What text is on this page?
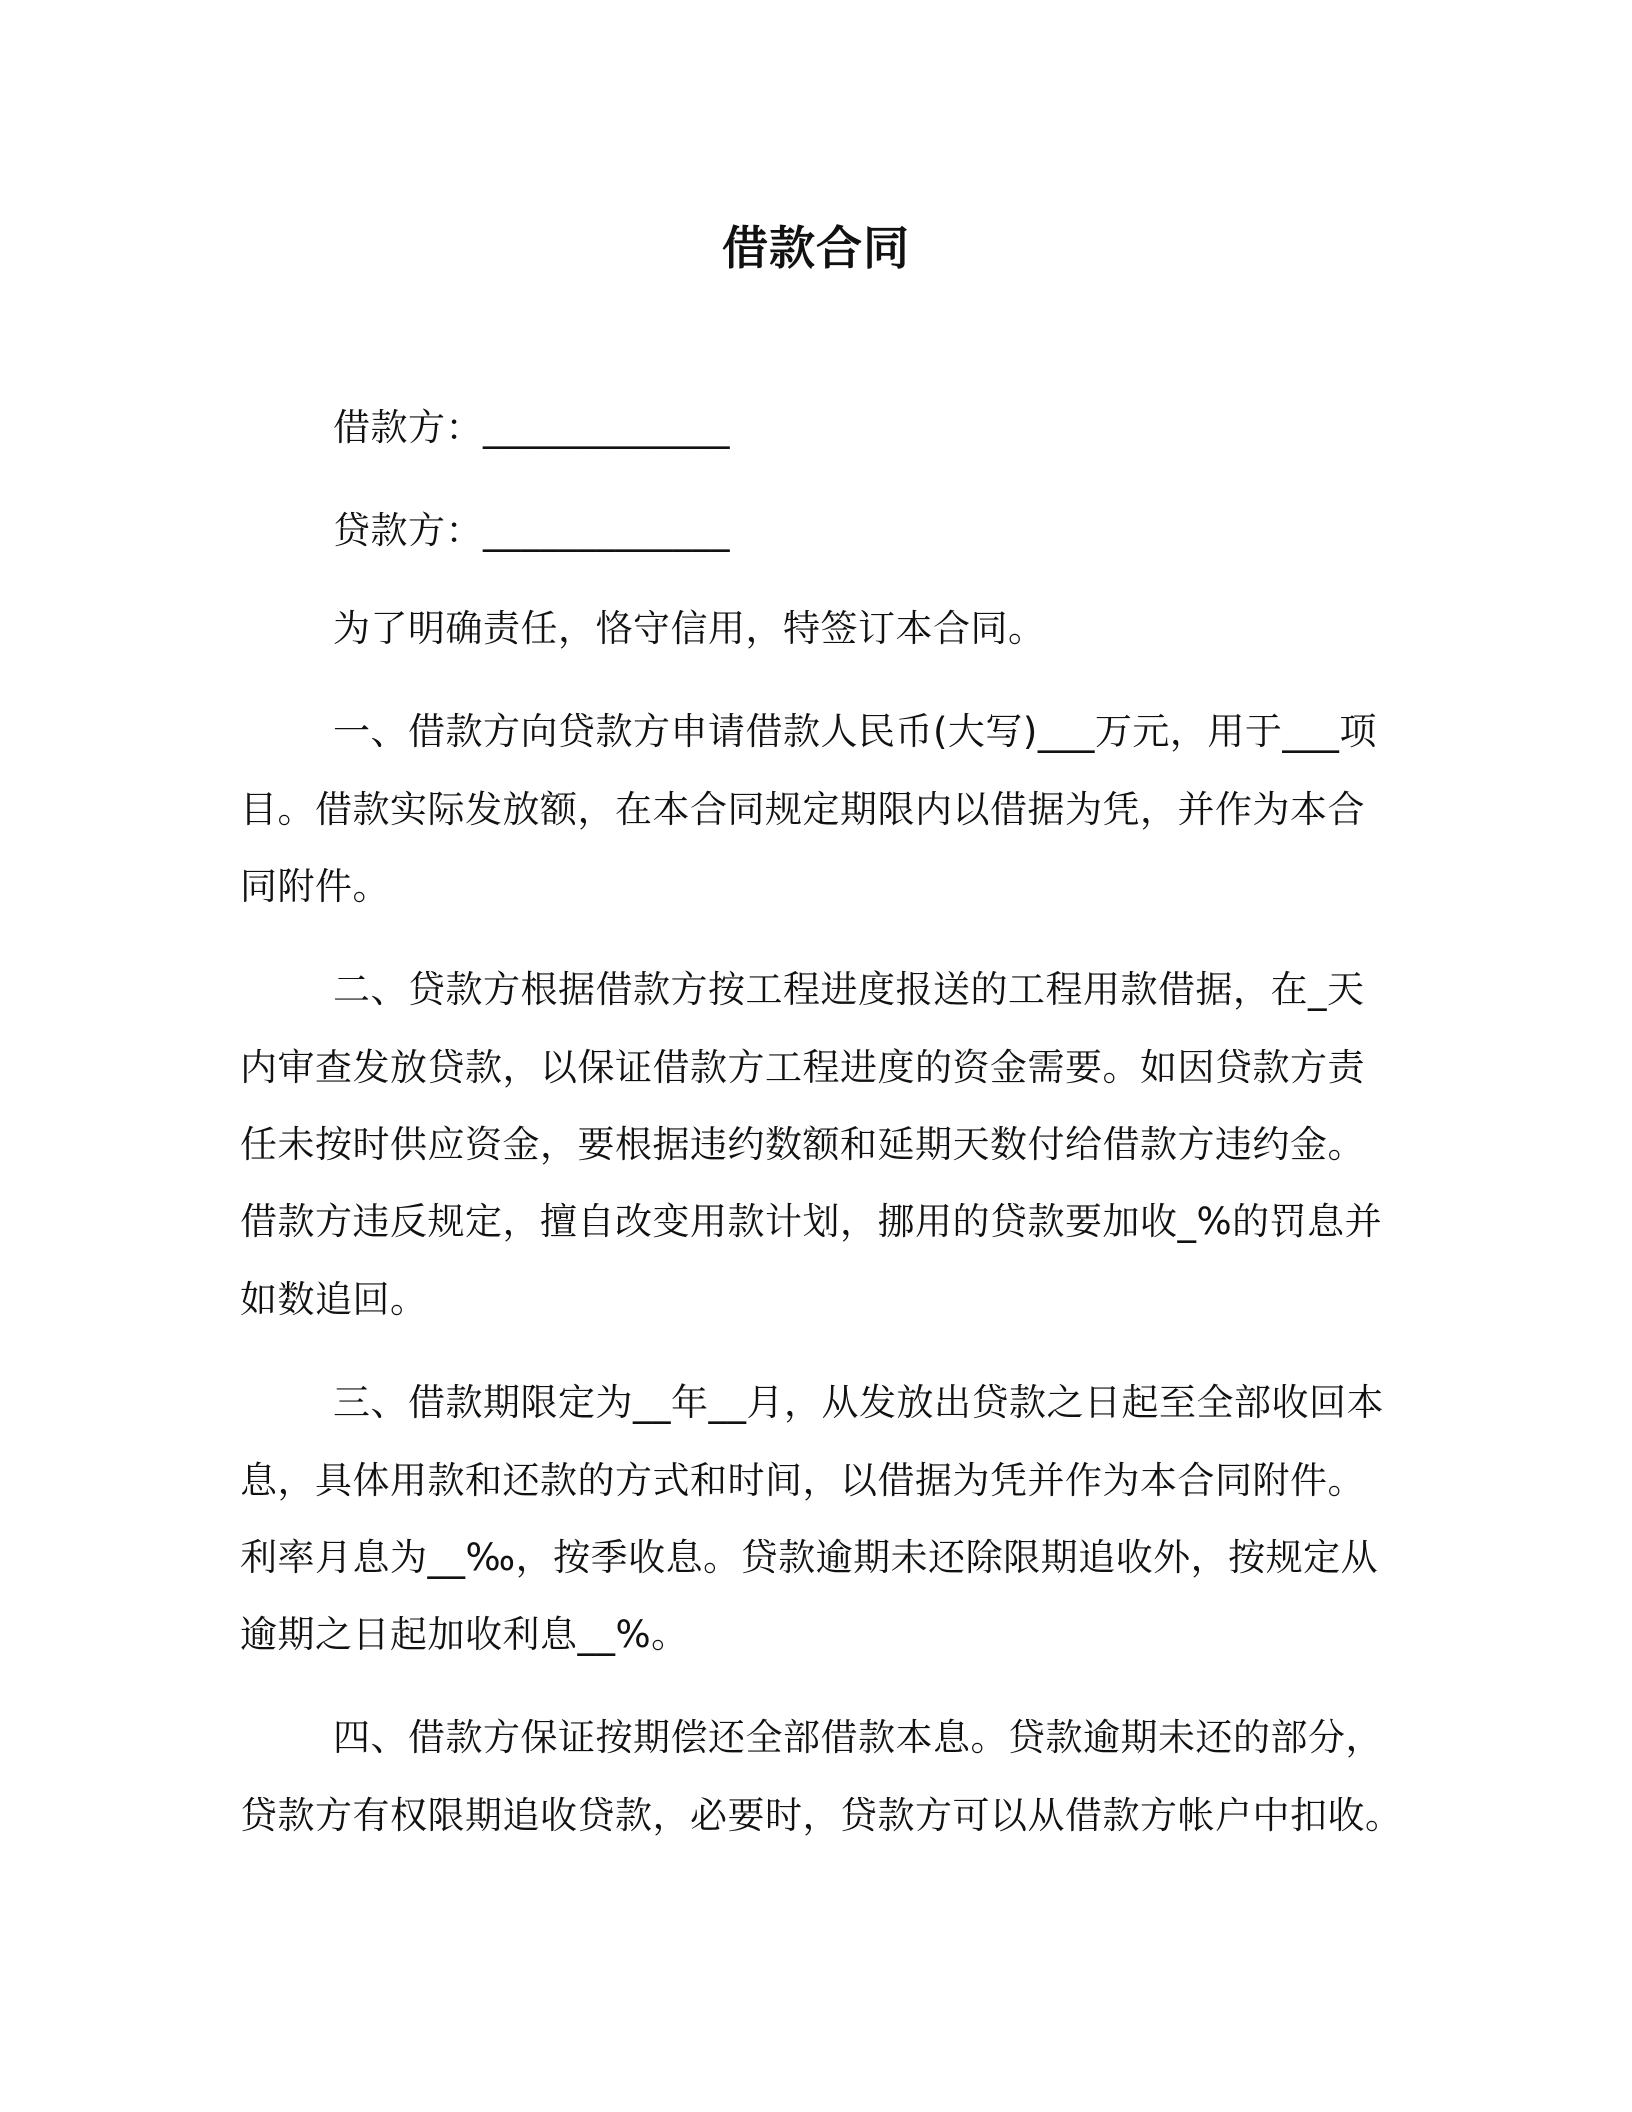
借款合同
借款方：_____________
贷款方：_____________
为了明确责任，恪守信用，特签订本合同。
一、借款方向贷款方申请借款人民币(大写)___万元，用于___项
目。借款实际发放额，在本合同规定期限内以借据为凭，并作为本合
同附件。
二、贷款方根据借款方按工程进度报送的工程用款借据，在_天
内审查发放贷款，以保证借款方工程进度的资金需要。如因贷款方责
任未按时供应资金，要根据违约数额和延期天数付给借款方违约金。
借款方违反规定，擅自改变用款计划，挪用的贷款要加收_%的罚息并
如数追回。
三、借款期限定为__年__月，从发放出贷款之日起至全部收回本
息，具体用款和还款的方式和时间，以借据为凭并作为本合同附件。
利率月息为__‰，按季收息。贷款逾期未还除限期追收外，按规定从
逾期之日起加收利息__%。
四、借款方保证按期偿还全部借款本息。贷款逾期未还的部分，
贷款方有权限期追收贷款，必要时，贷款方可以从借款方帐户中扣收。
